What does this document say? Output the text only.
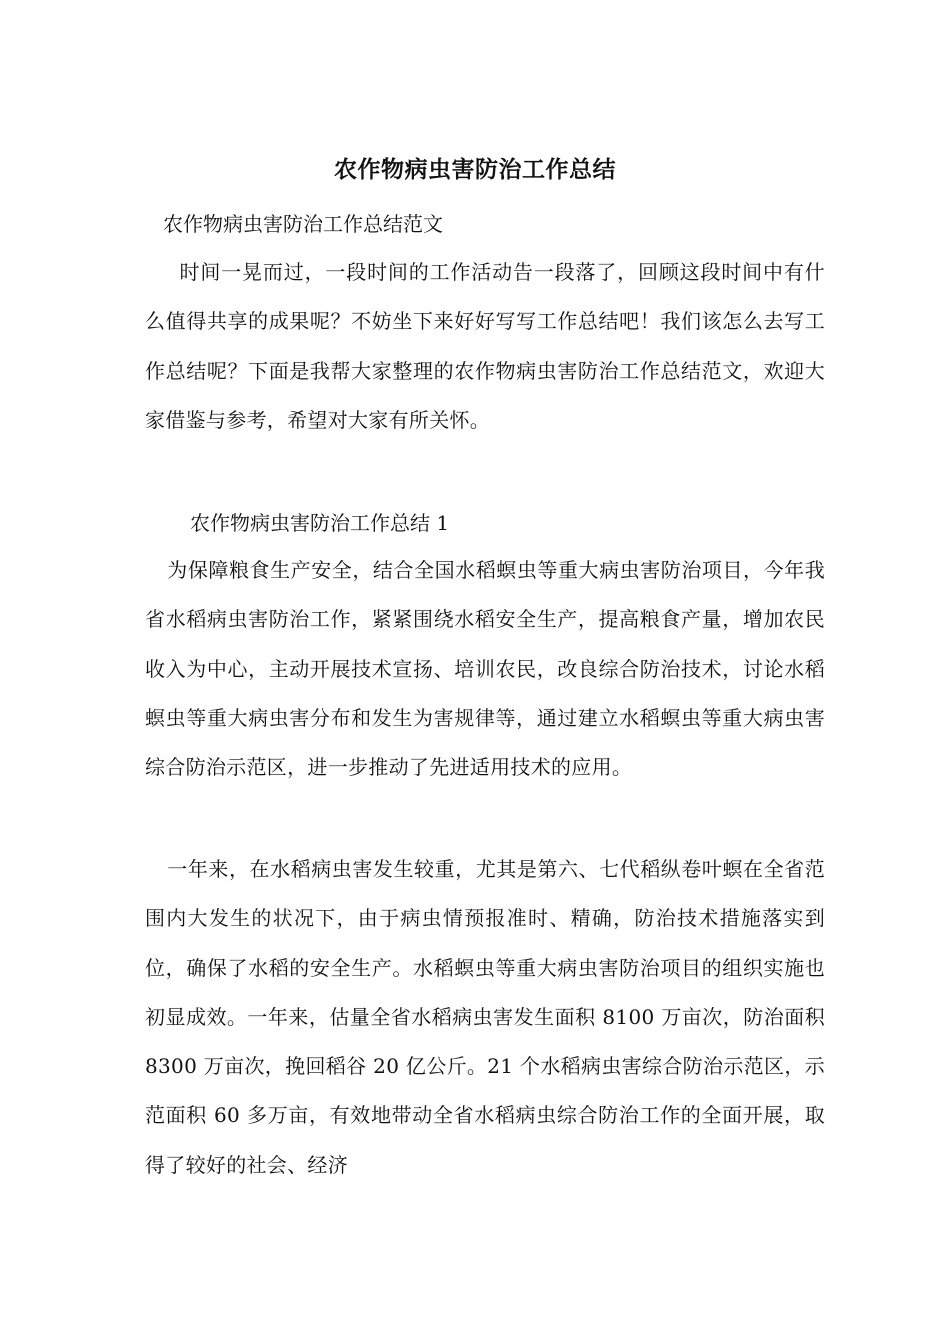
农作物病虫害防治工作总结
农作物病虫害防治工作总结范文
时间一晃而过，一段时间的工作活动告一段落了，回顾这段时间中有什么值得共享的成果呢？不妨坐下来好好写写工作总结吧！我们该怎么去写工作总结呢？下面是我帮大家整理的农作物病虫害防治工作总结范文，欢迎大家借鉴与参考，希望对大家有所关怀。
农作物病虫害防治工作总结 1
为保障粮食生产安全，结合全国水稻螟虫等重大病虫害防治项目，今年我省水稻病虫害防治工作，紧紧围绕水稻安全生产，提高粮食产量，增加农民收入为中心，主动开展技术宣扬、培训农民，改良综合防治技术，讨论水稻螟虫等重大病虫害分布和发生为害规律等，通过建立水稻螟虫等重大病虫害综合防治示范区，进一步推动了先进适用技术的应用。
一年来，在水稻病虫害发生较重，尤其是第六、七代稻纵卷叶螟在全省范围内大发生的状况下，由于病虫情预报准时、精确，防治技术措施落实到位，确保了水稻的安全生产。水稻螟虫等重大病虫害防治项目的组织实施也初显成效。一年来，估量全省水稻病虫害发生面积 8100 万亩次，防治面积 8300 万亩次，挽回稻谷 20 亿公斤。21 个水稻病虫害综合防治示范区，示范面积 60 多万亩，有效地带动全省水稻病虫综合防治工作的全面开展，取得了较好的社会、经济
